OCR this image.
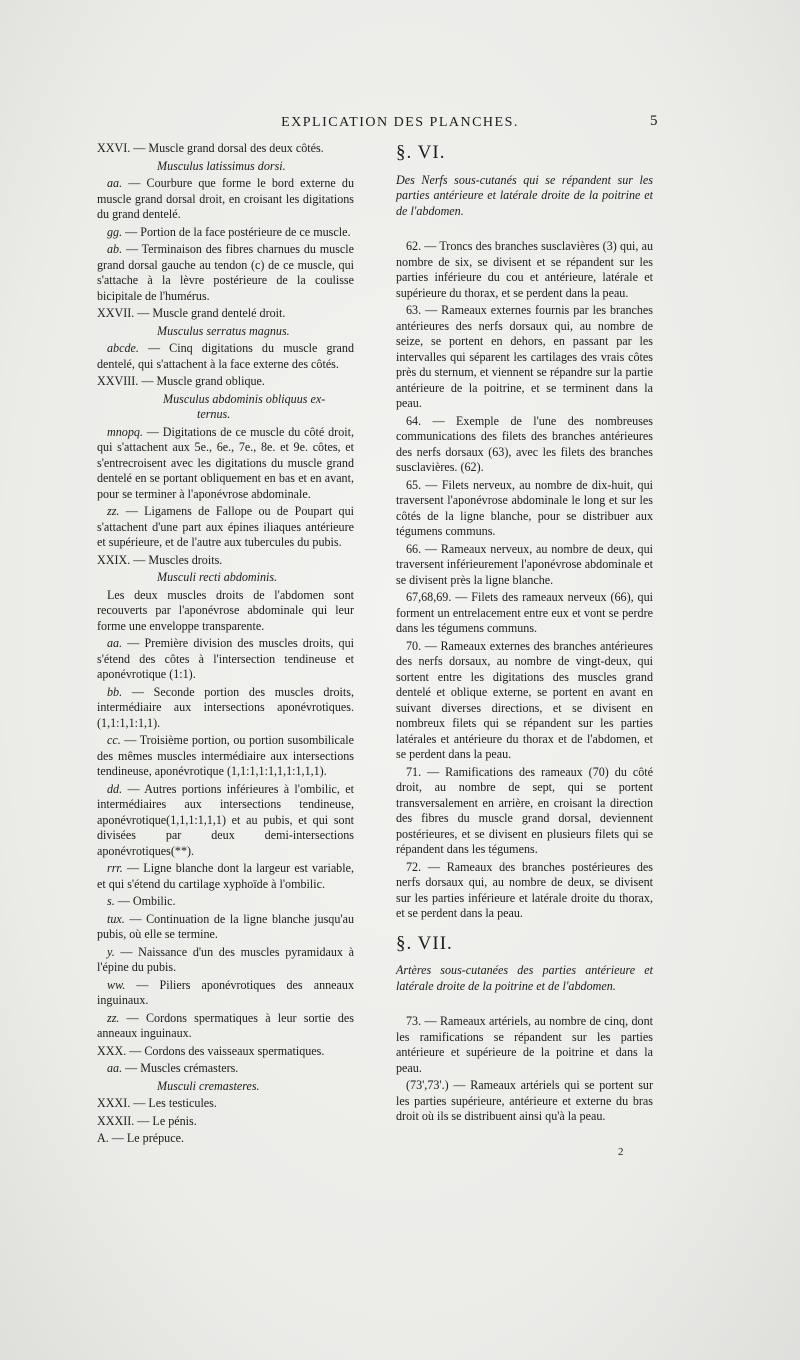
EXPLICATION DES PLANCHES.	5

XXVI. — Muscle grand dorsal des deux côtés.

Musculus latissimus dorsi.

aa. — Courbure que forme le bord externe du muscle grand dorsal droit, en croisant les digitations du grand dentelé.

gg. — Portion de la face postérieure de ce muscle.

ab. — Terminaison des fibres charnues du muscle grand dorsal gauche au tendon (c) de ce muscle, qui s'attache à la lèvre postérieure de la coulisse bicipitale de l'humérus.

XXVII. — Muscle grand dentelé droit.

Musculus serratus magnus.

abcde. — Cinq digitations du muscle grand dentelé, qui s'attachent à la face externe des côtés.

XXVIII. — Muscle grand oblique.

Musculus abdominis obliquus ex-

ternus.

mnopq. — Digitations de ce muscle du côté droit, qui s'attachent aux 5e., 6e., 7e., 8e. et 9e. côtes, et s'entrecroisent avec les digitations du muscle grand dentelé en se portant obliquement en bas et en avant, pour se terminer à l'aponévrose abdominale.

zz. — Ligamens de Fallope ou de Poupart qui s'attachent d'une part aux épines iliaques antérieure et supérieure, et de l'autre aux tubercules du pubis.

XXIX. — Muscles droits.

Musculi recti abdominis.

Les deux muscles droits de l'abdomen sont recouverts par l'aponévrose abdominale qui leur forme une enveloppe transparente.

aa. — Première division des muscles droits, qui s'étend des côtes à l'intersection tendineuse et aponévrotique (1:1).

bb. — Seconde portion des muscles droits, intermédiaire aux intersections aponévrotiques. (1,1:1,1:1,1).

cc. — Troisième portion, ou portion susombilicale des mêmes muscles intermédiaire aux intersections tendineuse, aponévrotique (1,1:1,1:1,1,1:1,1,1).

dd. — Autres portions inférieures à l'ombilic, et intermédiaires aux intersections tendineuse, aponévrotique(1,1,1:1,1,1) et au pubis, et qui sont divisées par deux demi-intersections aponévrotiques(**).

rrr. — Ligne blanche dont la largeur est variable, et qui s'étend du cartilage xyphoïde à l'ombilic.

s. — Ombilic.

tux. — Continuation de la ligne blanche jusqu'au pubis, où elle se termine.

y. — Naissance d'un des muscles pyramidaux à l'épine du pubis.

ww. — Piliers aponévrotiques des anneaux inguinaux.

zz. — Cordons spermatiques à leur sortie des anneaux inguinaux.

XXX. — Cordons des vaisseaux spermatiques.

aa. — Muscles crémasters.

Musculi cremasteres.

XXXI. — Les testicules.

XXXII. — Le pénis.

A. — Le prépuce.

§. VI.

Des Nerfs sous-cutanés qui se répandent sur les parties antérieure et latérale droite de la poitrine et de l'abdomen.

62. — Troncs des branches susclavières (3) qui, au nombre de six, se divisent et se répandent sur les parties inférieure du cou et antérieure, latérale et supérieure du thorax, et se perdent dans la peau.

63. — Rameaux externes fournis par les branches antérieures des nerfs dorsaux qui, au nombre de seize, se portent en dehors, en passant par les intervalles qui séparent les cartilages des vrais côtes près du sternum, et viennent se répandre sur la partie antérieure de la poitrine, et se terminent dans la peau.

64. — Exemple de l'une des nombreuses communications des filets des branches antérieures des nerfs dorsaux (63), avec les filets des branches susclavières. (62).

65. — Filets nerveux, au nombre de dix-huit, qui traversent l'aponévrose abdominale le long et sur les côtés de la ligne blanche, pour se distribuer aux tégumens communs.

66. — Rameaux nerveux, au nombre de deux, qui traversent inférieurement l'aponévrose abdominale et se divisent près la ligne blanche.

67,68,69. — Filets des rameaux nerveux (66), qui forment un entrelacement entre eux et vont se perdre dans les tégumens communs.

70. — Rameaux externes des branches antérieures des nerfs dorsaux, au nombre de vingt-deux, qui sortent entre les digitations des muscles grand dentelé et oblique externe, se portent en avant en suivant diverses directions, et se divisent en nombreux filets qui se répandent sur les parties latérales et antérieure du thorax et de l'abdomen, et se perdent dans la peau.

71. — Ramifications des rameaux (70) du côté droit, au nombre de sept, qui se portent transversalement en arrière, en croisant la direction des fibres du muscle grand dorsal, deviennent postérieures, et se divisent en plusieurs filets qui se répandent dans les tégumens.

72. — Rameaux des branches postérieures des nerfs dorsaux qui, au nombre de deux, se divisent sur les parties inférieure et latérale droite du thorax, et se perdent dans la peau.

§. VII.

Artères sous-cutanées des parties antérieure et latérale droite de la poitrine et de l'abdomen.

73. — Rameaux artériels, au nombre de cinq, dont les ramifications se répandent sur les parties antérieure et supérieure de la poitrine et dans la peau.

(73',73'.) — Rameaux artériels qui se portent sur les parties supérieure, antérieure et externe du bras droit où ils se distribuent ainsi qu'à la peau.

2
